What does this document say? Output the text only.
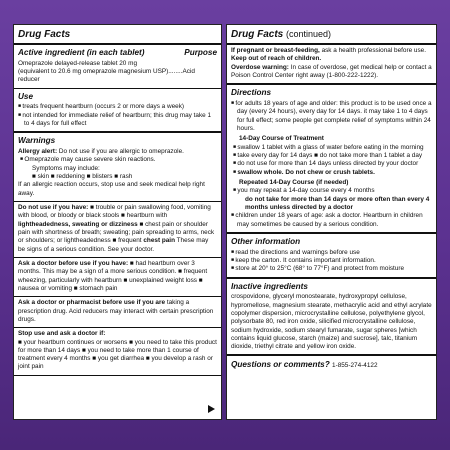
Drug Facts
Active ingredient (in each tablet)	Purpose
Omeprazole delayed-release tablet 20 mg
(equivalent to 20.6 mg omeprazole magnesium USP)........Acid reducer
Use
■ treats frequent heartburn (occurs 2 or more days a week)
■ not intended for immediate relief of heartburn; this drug may take 1 to 4 days for full effect
Warnings
Allergy alert: Do not use if you are allergic to omeprazole.
■ Omeprazole may cause severe skin reactions.
Symptoms may include:
■ skin ■ reddening ■ blisters ■ rash
If an allergic reaction occurs, stop use and seek medical help right away.
Do not use if you have: ■ trouble or pain swallowing food, vomiting with blood, or bloody or black stools ■ heartburn with lightheadedness, sweating or dizziness ■ chest pain or shoulder pain with shortness of breath; sweating; pain spreading to arms, neck or shoulders; or lightheadedness ■ frequent chest pain These may be signs of a serious condition. See your doctor.
Ask a doctor before use if you have: ■ had heartburn over 3 months. This may be a sign of a more serious condition. ■ frequent wheezing, particularly with heartburn ■ unexplained weight loss ■ nausea or vomiting ■ stomach pain
Ask a doctor or pharmacist before use if you are taking a prescription drug. Acid reducers may interact with certain prescription drugs.
Stop use and ask a doctor if:
■ your heartburn continues or worsens ■ you need to take this product for more than 14 days ■ you need to take more than 1 course of treatment every 4 months ■ you get diarrhea ■ you develop a rash or joint pain
Drug Facts (continued)
If pregnant or breast-feeding, ask a health professional before use.
Keep out of reach of children.
Overdose warning: In case of overdose, get medical help or contact a Poison Control Center right away (1-800-222-1222).
Directions
■ for adults 18 years of age and older: this product is to be used once a day (every 24 hours), every day for 14 days. it may take 1 to 4 days for full effect; some people get complete relief of symptoms within 24 hours.
14-Day Course of Treatment
■ swallow 1 tablet with a glass of water before eating in the morning
■ take every day for 14 days ■ do not take more than 1 tablet a day
■ do not use for more than 14 days unless directed by your doctor
■ swallow whole. Do not chew or crush tablets.
Repeated 14-Day Course (if needed)
■ you may repeat a 14-day course every 4 months
do not take for more than 14 days or more often than every 4 months unless directed by a doctor
■ children under 18 years of age: ask a doctor. Heartburn in children may sometimes be caused by a serious condition.
Other information
■ read the directions and warnings before use
■ keep the carton. It contains important information.
■ store at 20° to 25°C (68° to 77°F) and protect from moisture
Inactive ingredients
crospovidone, glyceryl monostearate, hydroxypropyl cellulose, hypromellose, magnesium stearate, methacrylic acid and ethyl acrylate copolymer dispersion, microcrystalline cellulose, polyethylene glycol, polysorbate 80, red iron oxide, silicified microcrystalline cellulose, sodium hydroxide, sodium stearyl fumarate, sugar spheres [which contains liquid glucose, starch (maize) and sucrose], talc, titanium dioxide, triethyl citrate and yellow iron oxide.
Questions or comments? 1-855-274-4122
